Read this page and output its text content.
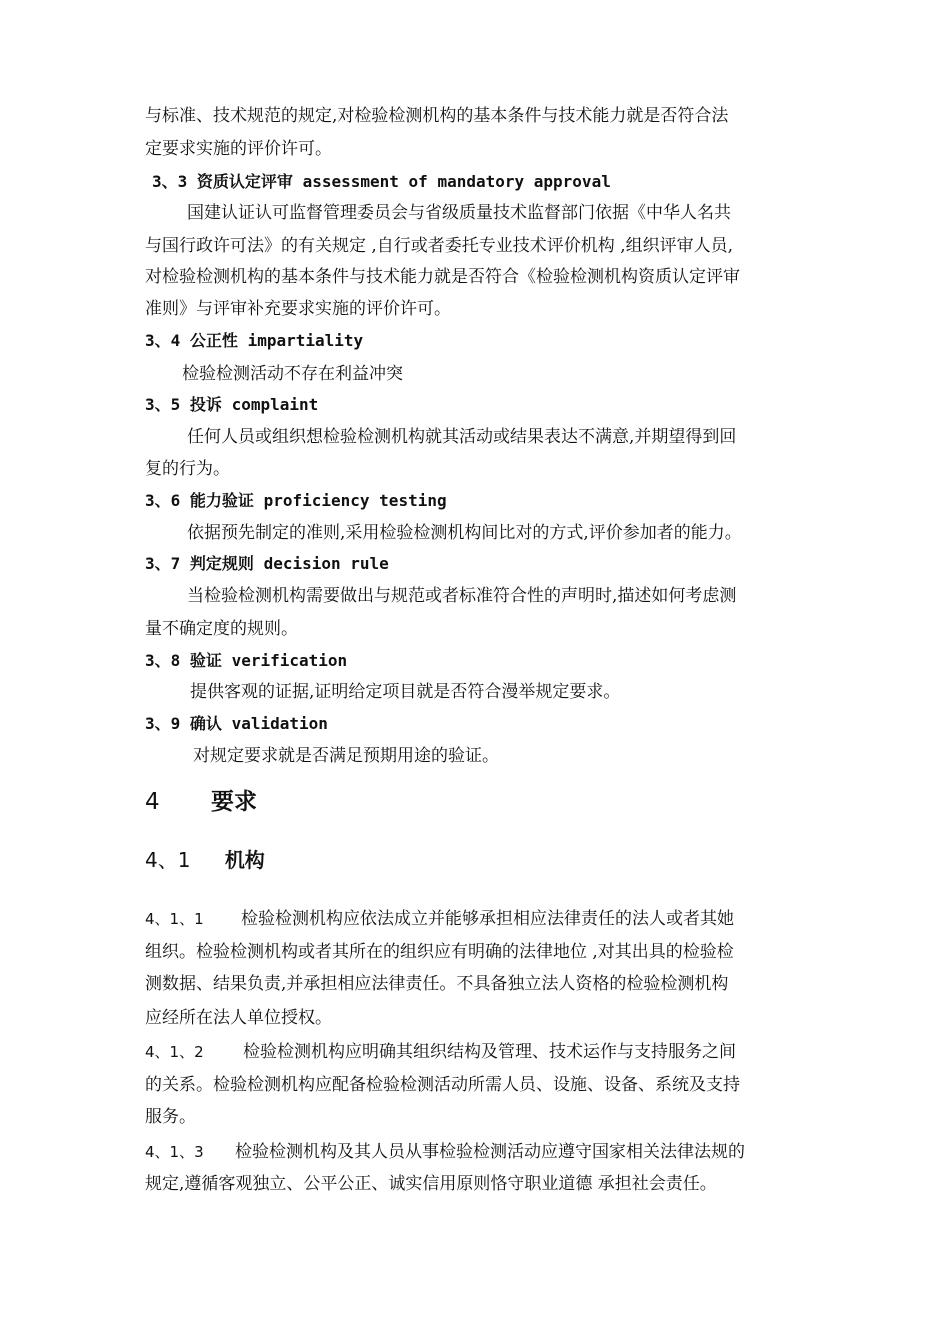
与标准、技术规范的规定,对检验检测机构的基本条件与技术能力就是否符合法
定要求实施的评价许可。
3、3 资质认定评审 assessment of mandatory approval
国建认证认可监督管理委员会与省级质量技术监督部门依据《中华人名共
与国行政许可法》的有关规定 ,自行或者委托专业技术评价机构 ,组织评审人员,
对检验检测机构的基本条件与技术能力就是否符合《检验检测机构资质认定评审
准则》与评审补充要求实施的评价许可。
3、4 公正性 impartiality
检验检测活动不存在利益冲突
3、5 投诉 complaint
任何人员或组织想检验检测机构就其活动或结果表达不满意,并期望得到回
复的行为。
3、6 能力验证 proficiency testing
依据预先制定的准则,采用检验检测机构间比对的方式,评价参加者的能力。
3、7 判定规则 decision rule
当检验检测机构需要做出与规范或者标准符合性的声明时,描述如何考虑测
量不确定度的规则。
3、8 验证 verification
提供客观的证据,证明给定项目就是否符合漫举规定要求。
3、9 确认 validation
对规定要求就是否满足预期用途的验证。
4 要求
4、1 机构
4、1、1 检验检测机构应依法成立并能够承担相应法律责任的法人或者其她
组织。检验检测机构或者其所在的组织应有明确的法律地位 ,对其出具的检验检
测数据、结果负责,并承担相应法律责任。不具备独立法人资格的检验检测机构
应经所在法人单位授权。
4、1、2 检验检测机构应明确其组织结构及管理、技术运作与支持服务之间
的关系。检验检测机构应配备检验检测活动所需人员、设施、设备、系统及支持
服务。
4、1、3 检验检测机构及其人员从事检验检测活动应遵守国家相关法律法规的
规定,遵循客观独立、公平公正、诚实信用原则恪守职业道德 承担社会责任。
